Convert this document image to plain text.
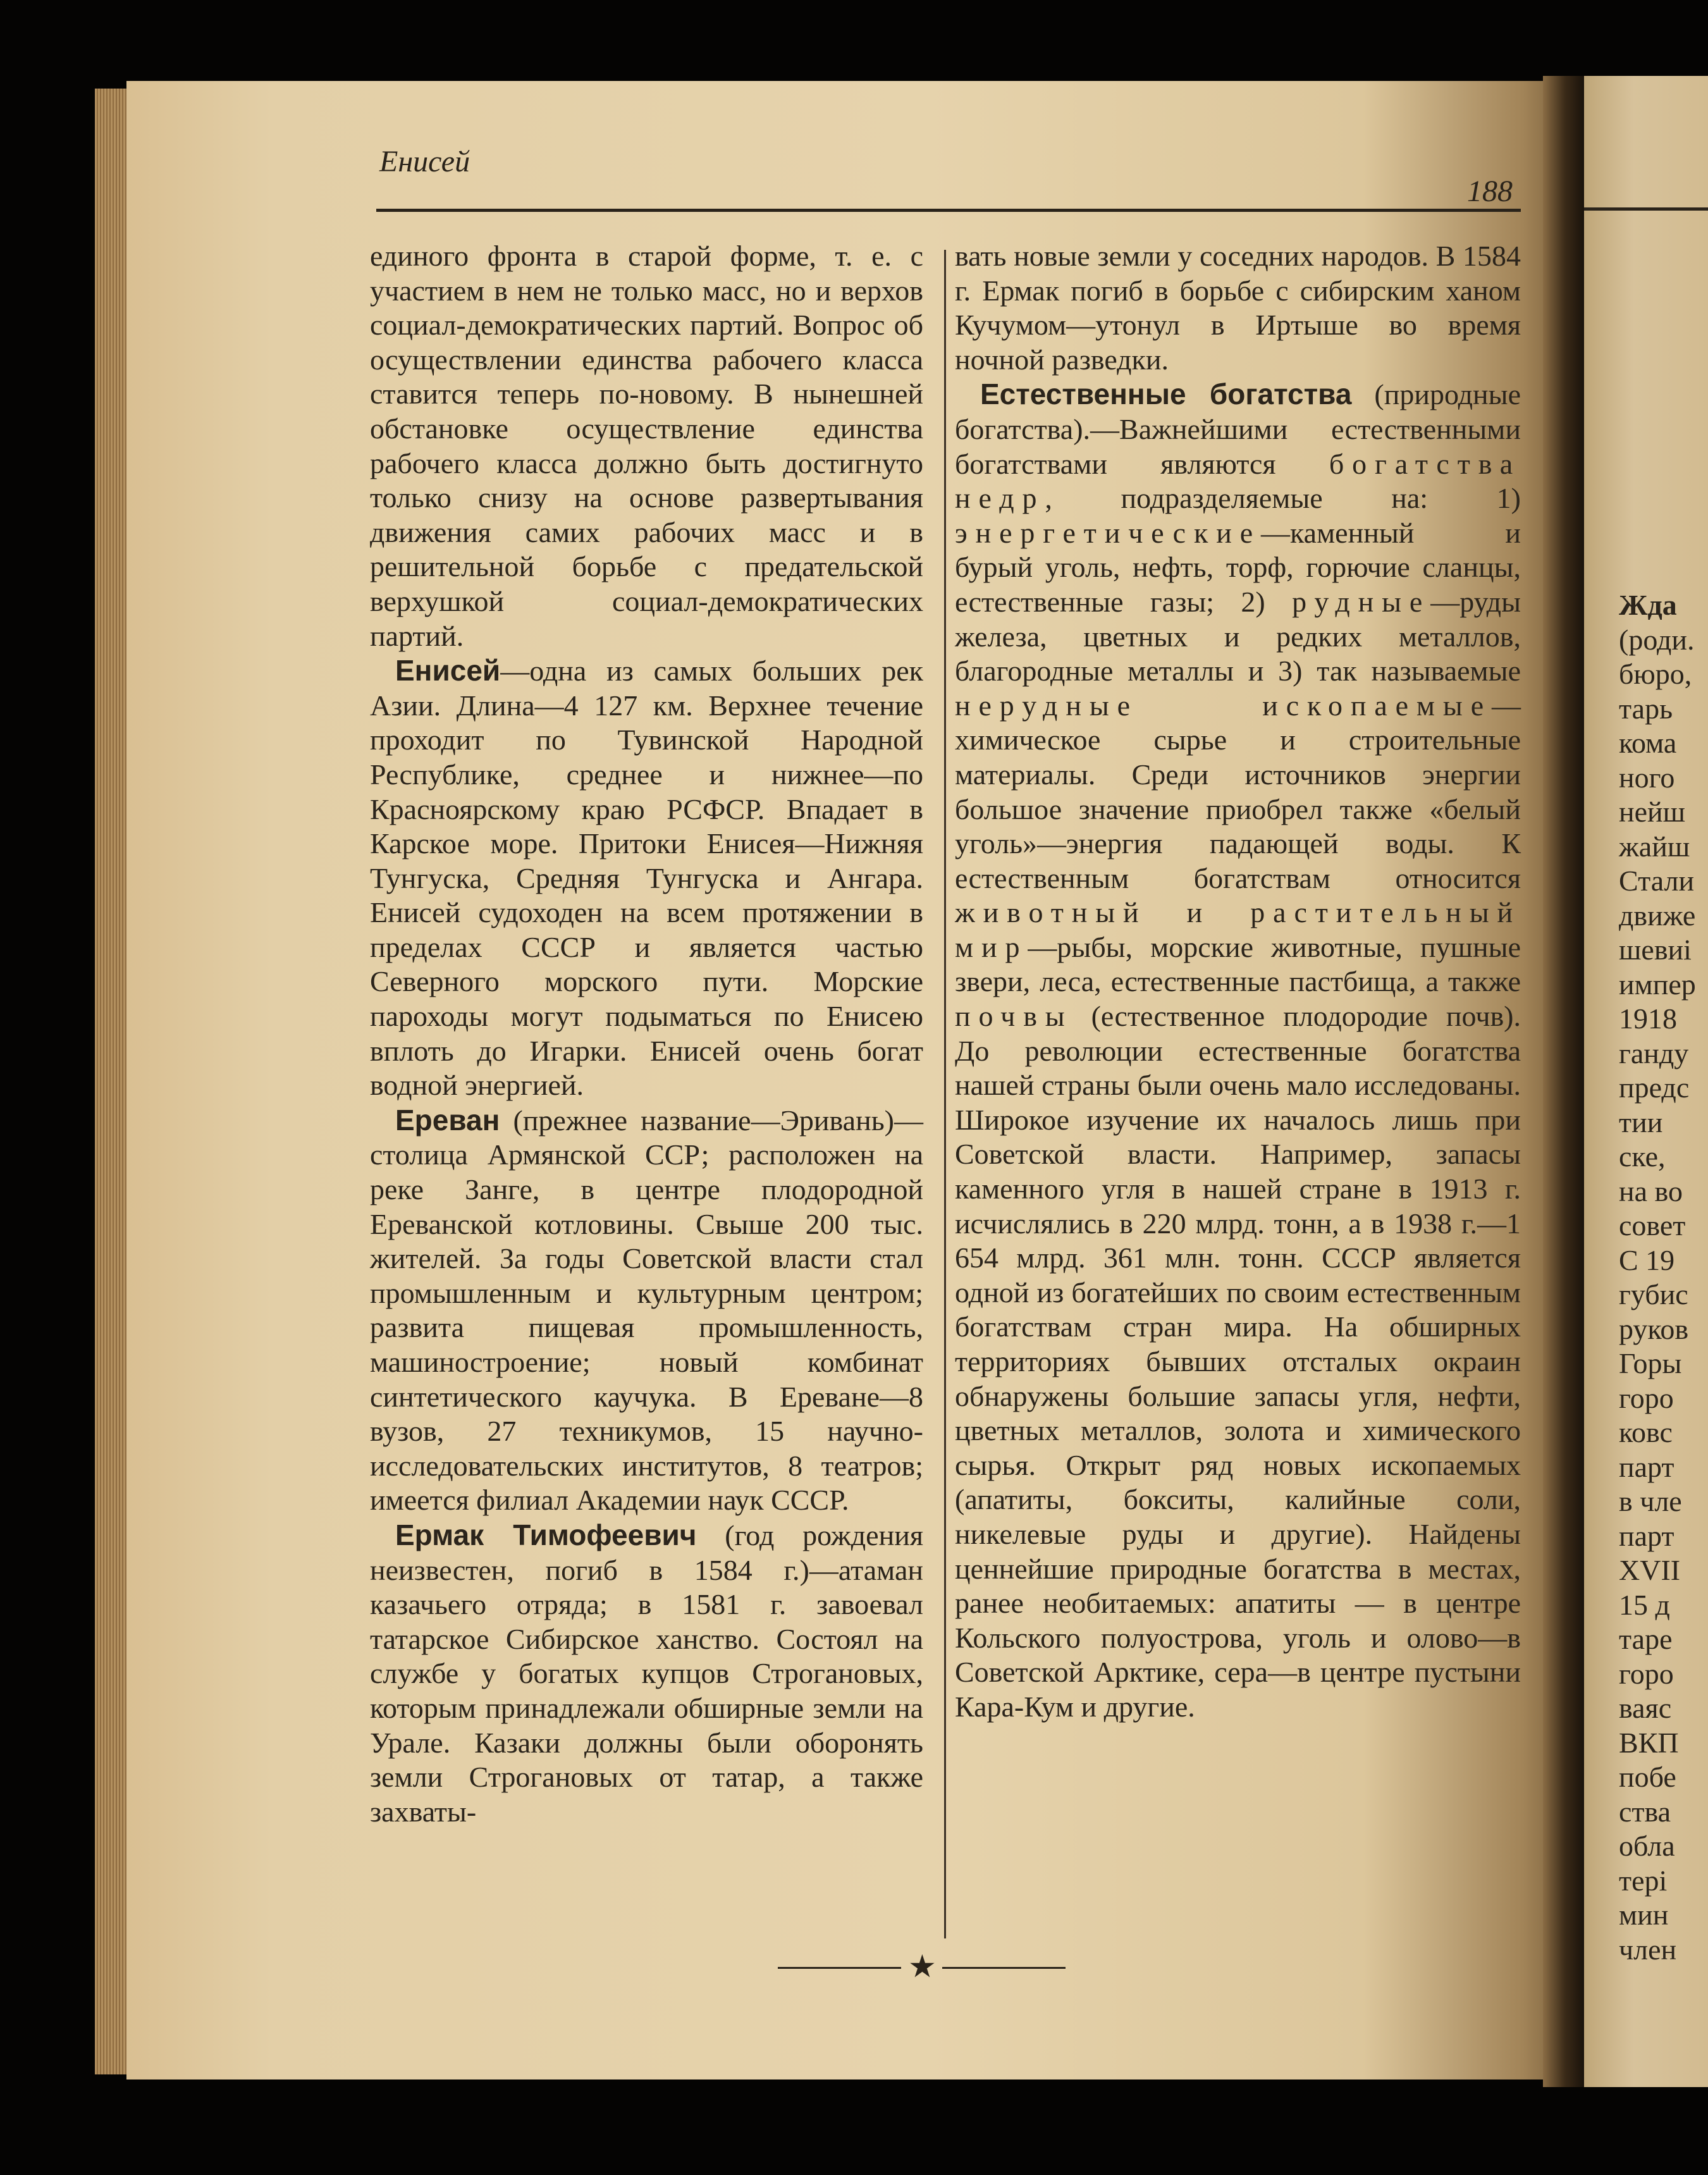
Енисей
188

единого фронта в старой форме, т. е. с участием в нем не только масс, но и верхов социал-демократических партий. Вопрос об осуществлении единства рабочего класса ставится теперь по-новому. В нынешней обстановке осуществление единства рабочего класса должно быть достигнуто только снизу на основе развертывания движения самих рабочих масс и в решительной борьбе с предательской верхушкой социал-демократических партий.

Енисей—одна из самых больших рек Азии. Длина—4 127 км. Верхнее течение проходит по Тувинской Народной Республике, среднее и нижнее—по Красноярскому краю РСФСР. Впадает в Карское море. Притоки Енисея—Нижняя Тунгуска, Средняя Тунгуска и Ангара. Енисей судоходен на всем протяжении в пределах СССР и является частью Северного морского пути. Морские пароходы могут подыматься по Енисею вплоть до Игарки. Енисей очень богат водной энергией.

Ереван (прежнее название—Эривань)—столица Армянской ССР; расположен на реке Занге, в центре плодородной Ереванской котловины. Свыше 200 тыс. жителей. За годы Советской власти стал промышленным и культурным центром; развита пищевая промышленность, машиностроение; новый комбинат синтетического каучука. В Ереване—8 вузов, 27 техникумов, 15 научно-исследовательских институтов, 8 театров; имеется филиал Академии наук СССР.

Ермак Тимофеевич (год рождения неизвестен, погиб в 1584 г.)—атаман казачьего отряда; в 1581 г. завоевал татарское Сибирское ханство. Состоял на службе у богатых купцов Строгановых, которым принадлежали обширные земли на Урале. Казаки должны были оборонять земли Строгановых от татар, а также захваты-

вать новые земли у соседних народов. В 1584 г. Ермак погиб в борьбе с сибирским ханом Кучумом—утонул в Иртыше во время ночной разведки.

Естественные богатства (природные богатства).—Важнейшими естественными богатствами являются богатства недр, подразделяемые на: 1) энергетические—каменный и бурый уголь, нефть, торф, горючие сланцы, естественные газы; 2) рудные—руды железа, цветных и редких металлов, благородные металлы и 3) так называемые нерудные ископаемые—химическое сырье и строительные материалы. Среди источников энергии большое значение приобрел также «белый уголь»—энергия падающей воды. К естественным богатствам относится животный и растительный мир—рыбы, морские животные, пушные звери, леса, естественные пастбища, а также почвы (естественное плодородие почв). До революции естественные богатства нашей страны были очень мало исследованы. Широкое изучение их началось лишь при Советской власти. Например, запасы каменного угля в нашей стране в 1913 г. исчислялись в 220 млрд. тонн, а в 1938 г.—1 654 млрд. 361 млн. тонн. СССР является одной из богатейших по своим естественным богатствам стран мира. На обширных территориях бывших отсталых окраин обнаружены большие запасы угля, нефти, цветных металлов, золота и химического сырья. Открыт ряд новых ископаемых (апатиты, бокситы, калийные соли, никелевые руды и другие). Найдены ценнейшие природные богатства в местах, ранее необитаемых: апатиты — в центре Кольского полуострова, уголь и олово—в Советской Арктике, сера—в центре пустыни Кара-Кум и другие.

★
Жда
(роди.
бюро,
тарь
кома
ного
нейш
жайш
Стали
движе
шевиі
импер
1918
ганду
предс
тии
ске,
на во
совет
С 19
губис
руков
Горы
горо
ковс
парт
в чле
парт
XVII
15 д
таре
горо
ваяс
ВКП
побе
ства
обла
тері
мин
член
